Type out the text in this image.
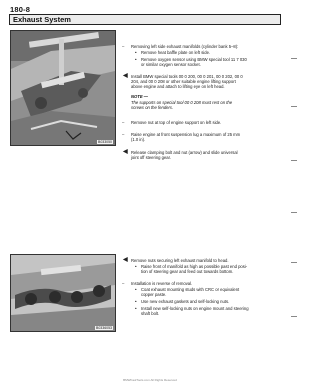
180-8
Exhaust System
B033050
B0336053
– Removing left side exhaust manifolds (cylinder bank 5–8):
• Remove heat baffle plate on left side.
• Remove oxygen sensor using BMW special tool 11 7 030
or similar oxygen sensor socket.
◀ Install BMW special tools 00 0 200, 00 0 201, 00 0 202, 00 0
204, and 00 0 208 or other suitable engine lifting support
above engine and attach to lifting eye on left head.
NOTE —
The supports on special tool 00 0 208 must rest on the
screws on the fenders.
– Remove nut at top of engine support on left side.
– Raise engine at front suspension lug a maximum of 25 mm
(1.0 in).
◀ Release clamping bolt and nut (arrow) and slide universal
joint off steering gear.
◀ Remove nuts securing left exhaust manifold to head.
• Raise front of manifold as high as possible past end posi-
tion of steering gear and feed out towards bottom.
– Installation is reverse of removal.
• Coat exhaust mounting studs with CRC or equivalent
copper paste.
• Use new exhaust gaskets and self-locking nuts.
• Install new self-locking nuts on engine mount and steering
shaft bolt.
BMWFaulTools.com All Rights Reserved
